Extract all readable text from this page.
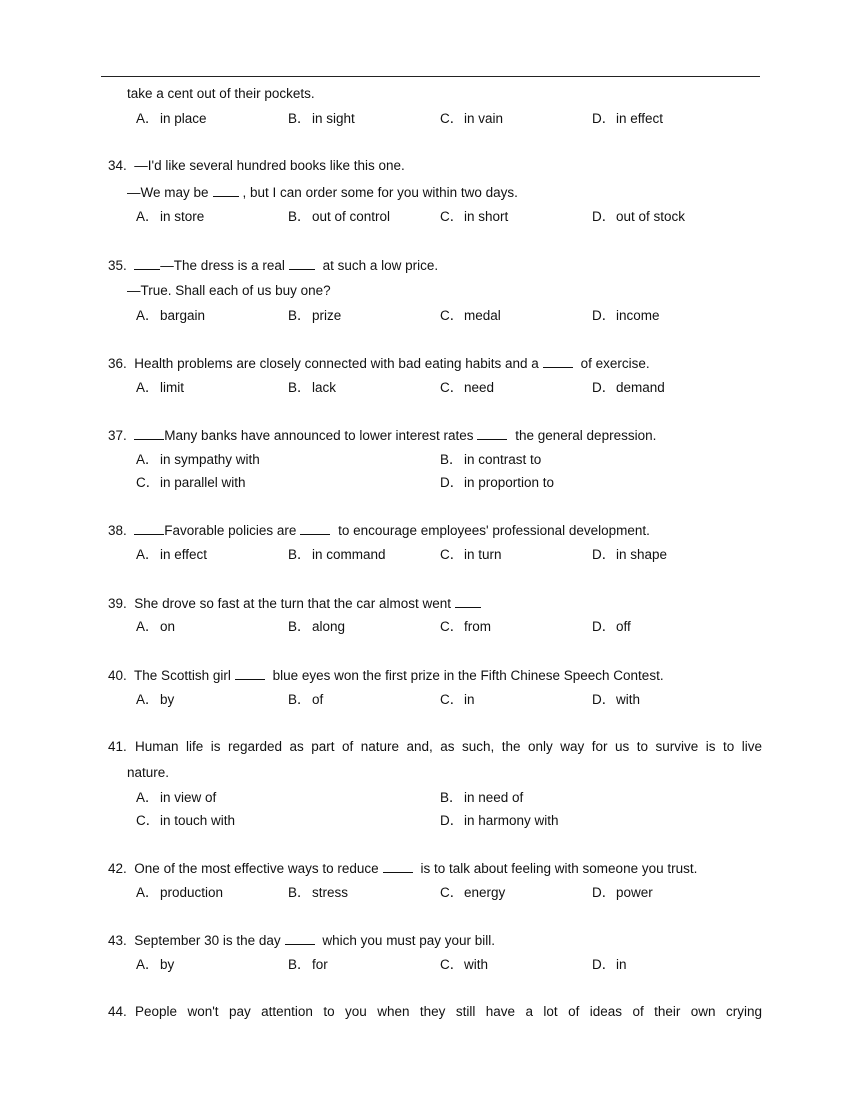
take a cent out of their pockets.
A．in place	B．in sight	C．in vain	D．in effect
34. —I'd like several hundred books like this one.
—We may be	, but I can order some for you within two days.
A．in store	B．out of control	C．in short	D．out of stock
35. —The dress is a real	at such a low price.
—True. Shall each of us buy one?
A．bargain	B．prize	C．medal	D．income
36. Health problems are closely connected with bad eating habits and a	of exercise.
A．limit	B．lack	C．need	D．demand
37.	Many banks have announced to lower interest rates	the general depression.
A．in sympathy with	B．in contrast to
C．in parallel with	D．in proportion to
38.	Favorable policies are	to encourage employees' professional development.
A．in effect	B．in command	C．in turn	D．in shape
39. She drove so fast at the turn that the car almost went
A．on	B．along	C．from	D．off
40. The Scottish girl	blue eyes won the first prize in the Fifth Chinese Speech Contest.
A．by	B．of	C．in	D．with
41. Human life is regarded as part of nature and, as such, the only way for us to survive is to live
nature.
A．in view of	B．in need of
C．in touch with	D．in harmony with
42. One of the most effective ways to reduce	is to talk about feeling with someone you trust.
A．production	B．stress	C．energy	D．power
43. September 30 is the day	which you must pay your bill.
A．by	B．for	C．with	D．in
44. People won't pay attention to you when they still have a lot of ideas of their own crying
